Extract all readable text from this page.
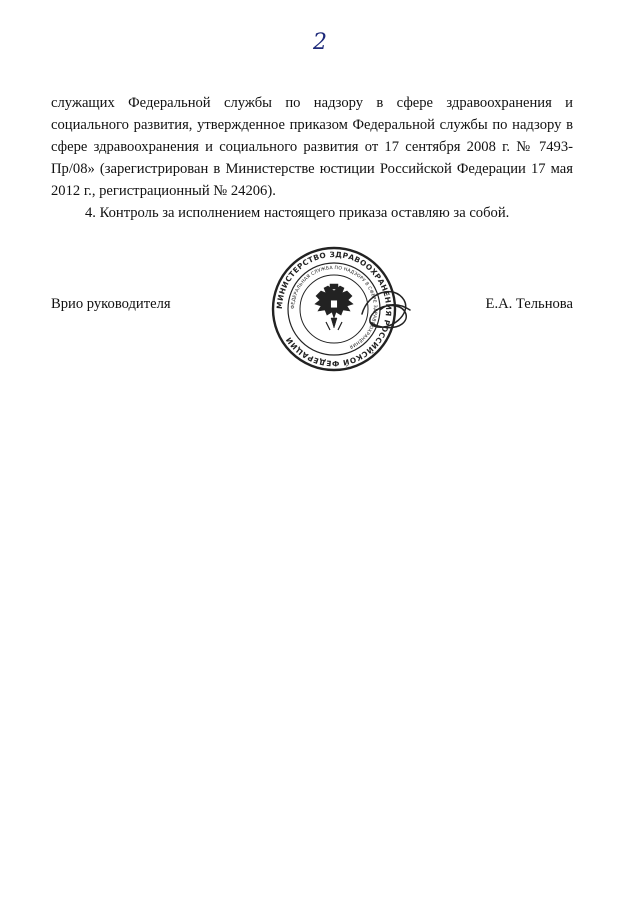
2

служащих Федеральной службы по надзору в сфере здравоохранения и социального развития, утвержденное приказом Федеральной службы по надзору в сфере здравоохранения и социального развития от 17 сентября 2008 г. № 7493-Пр/08» (зарегистрирован в Министерстве юстиции Российской Федерации 17 мая 2012 г., регистрационный № 24206).

4. Контроль за исполнением настоящего приказа оставляю за собой.

Врио руководителя	Е.А. Тельнова
МИНИСТЕРСТВО ЗДРАВООХРАНЕНИЯ РОССИЙСКОЙ ФЕДЕРАЦИИ
ФЕДЕРАЛЬНАЯ СЛУЖБА ПО НАДЗОРУ В СФЕРЕ ЗДРАВООХРАНЕНИЯ
